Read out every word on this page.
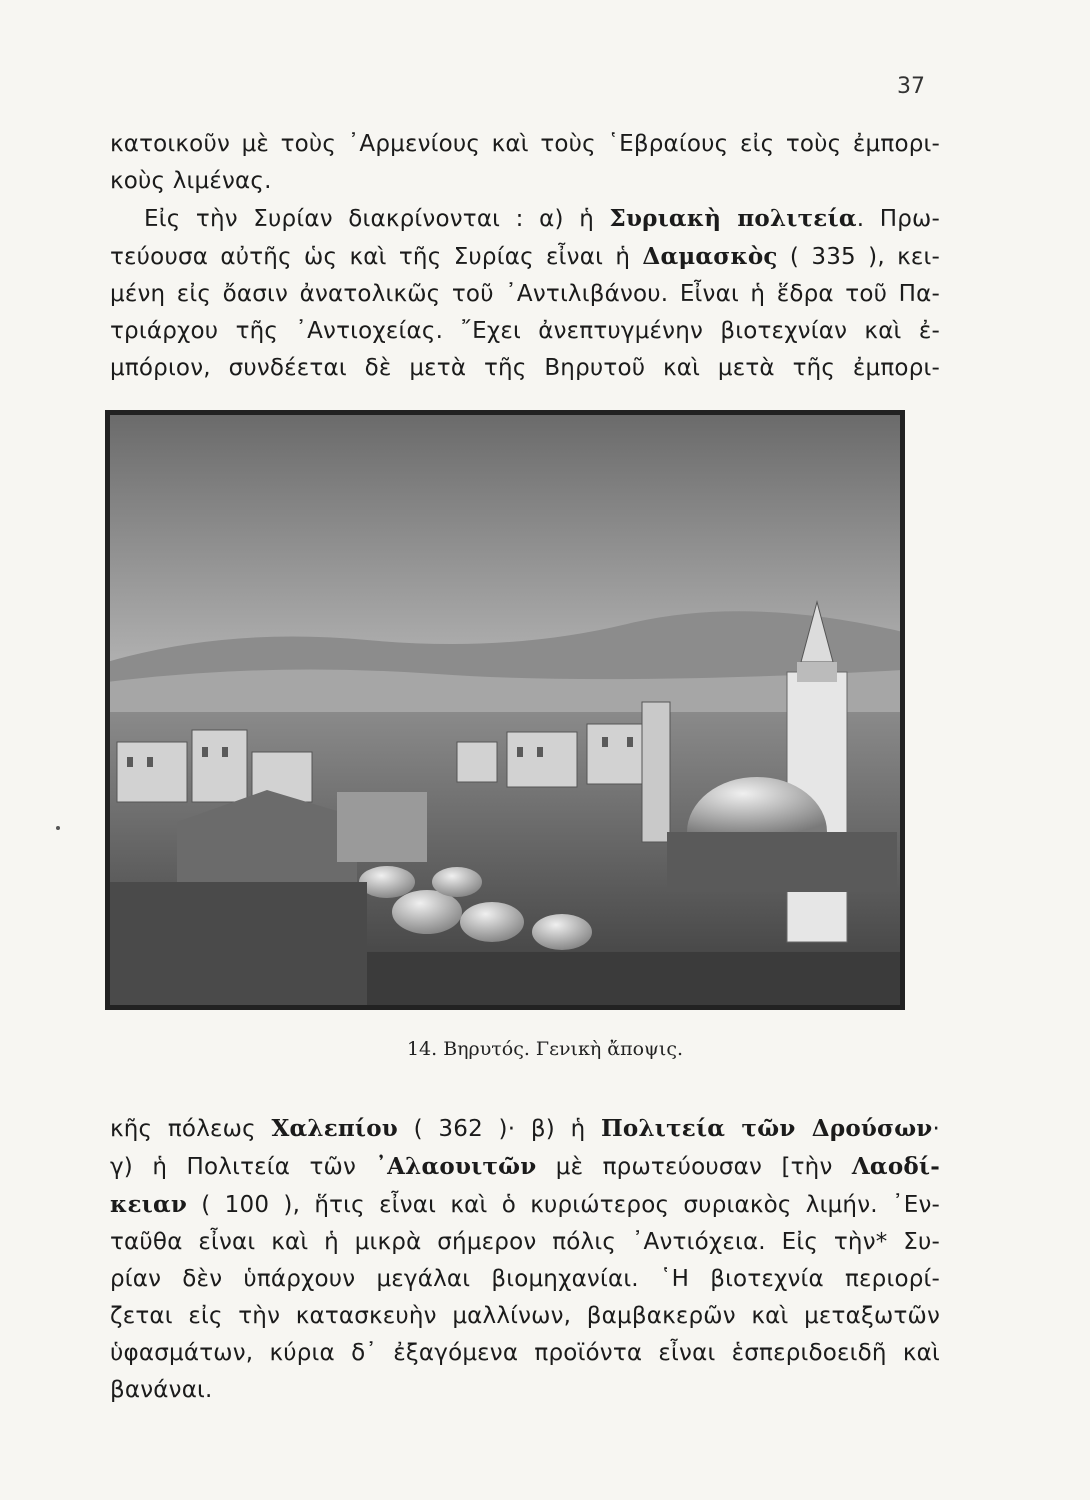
37
κατοικοῦν μὲ τοὺς ᾿Αρμενίους καὶ τοὺς ῾Εβραίους εἰς τοὺς ἐμπορι-
κοὺς λιμένας.
Εἰς τὴν Συρίαν διακρίνονται : α) ἡ Συριακὴ πολιτεία. Πρω-
τεύουσα αὐτῆς ὡς καὶ τῆς Συρίας εἶναι ἡ Δαμασκὸς ( 335 ), κει-
μένη εἰς ὄασιν ἀνατολικῶς τοῦ ᾿Αντιλιβάνου. Εἶναι ἡ ἕδρα τοῦ Πα-
τριάρχου τῆς ᾿Αντιοχείας. ῎Εχει ἀνεπτυγμένην βιοτεχνίαν καὶ ἐ-
μπόριον, συνδέεται δὲ μετὰ τῆς Βηρυτοῦ καὶ μετὰ τῆς ἐμπορι-
14. Βηρυτός. Γενικὴ ἄποψις.
κῆς πόλεως Χαλεπίου ( 362 )· β) ἡ Πολιτεία τῶν Δρούσων·
γ) ἡ Πολιτεία τῶν ᾿Αλαουιτῶν μὲ πρωτεύουσαν [τὴν Λαοδί-
κειαν ( 100 ), ἥτις εἶναι καὶ ὁ κυριώτερος συριακὸς λιμήν. ᾿Εν-
ταῦθα εἶναι καὶ ἡ μικρὰ σήμερον πόλις ᾿Αντιόχεια. Εἰς τὴν* Συ-
ρίαν δὲν ὑπάρχουν μεγάλαι βιομηχανίαι. ῾Η βιοτεχνία περιορί-
ζεται εἰς τὴν κατασκευὴν μαλλίνων, βαμβακερῶν καὶ μεταξωτῶν
ὑφασμάτων, κύρια δ᾿ ἐξαγόμενα προϊόντα εἶναι ἑσπεριδοειδῆ καὶ
βανάναι.
